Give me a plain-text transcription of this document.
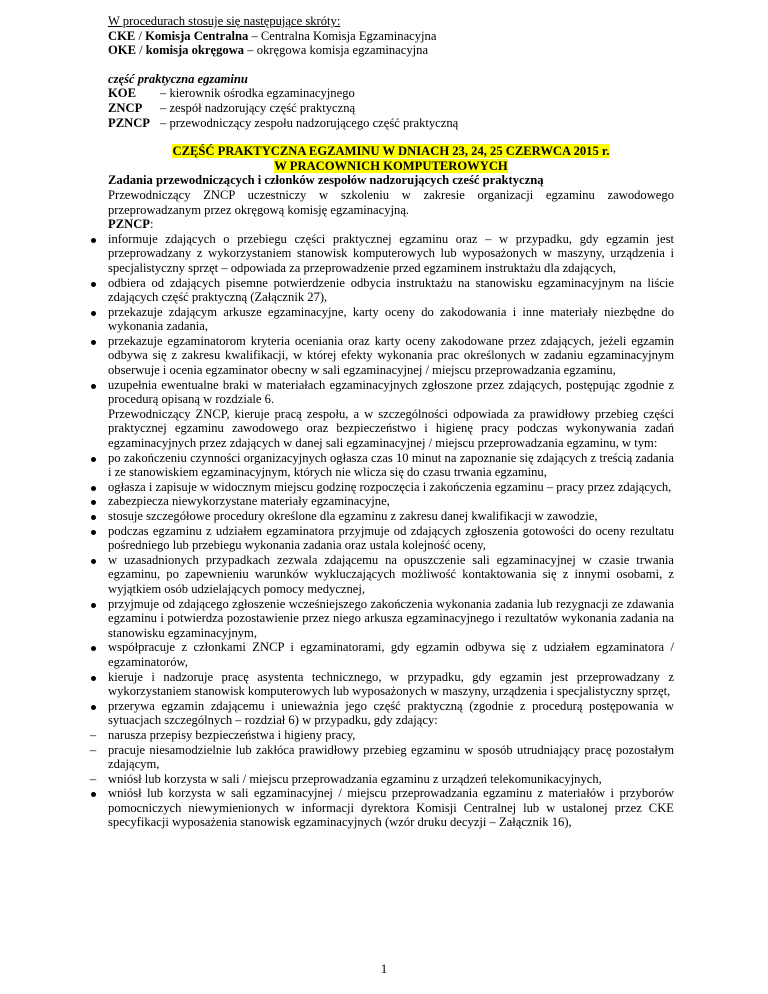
W procedurach stosuje się następujące skróty:
CKE / Komisja Centralna – Centralna Komisja Egzaminacyjna
OKE / komisja okręgowa – okręgowa komisja egzaminacyjna
część praktyczna egzaminu
KOE	– kierownik ośrodka egzaminacyjnego
ZNCP	– zespół nadzorujący część praktyczną
PZNCP – przewodniczący zespołu nadzorującego część praktyczną
CZĘŚĆ PRAKTYCZNA EGZAMINU W DNIACH 23, 24, 25 CZERWCA 2015 r.
W PRACOWNICH KOMPUTEROWYCH
Zadania przewodniczących i członków zespołów nadzorujących cześć praktyczną
Przewodniczący ZNCP uczestniczy w szkoleniu w zakresie organizacji egzaminu zawodowego przeprowadzanym przez okręgową komisję egzaminacyjną.
PZNCP:
informuje zdających o przebiegu części praktycznej egzaminu oraz – w przypadku, gdy egzamin jest przeprowadzany z wykorzystaniem stanowisk komputerowych lub wyposażonych w maszyny, urządzenia i specjalistyczny sprzęt – odpowiada za przeprowadzenie przed egzaminem instruktażu dla zdających,
odbiera od zdających pisemne potwierdzenie odbycia instruktażu na stanowisku egzaminacyjnym na liście zdających część praktyczną (Załącznik 27),
przekazuje zdającym arkusze egzaminacyjne, karty oceny do zakodowania i inne materiały niezbędne do wykonania zadania,
przekazuje egzaminatorom kryteria oceniania oraz karty oceny zakodowane przez zdających, jeżeli egzamin odbywa się z zakresu kwalifikacji, w której efekty wykonania prac określonych w zadaniu egzaminacyjnym obserwuje i ocenia egzaminator obecny w sali egzaminacyjnej / miejscu przeprowadzania egzaminu,
uzupełnia ewentualne braki w materiałach egzaminacyjnych zgłoszone przez zdających, postępując zgodnie z procedurą opisaną w rozdziale 6.
Przewodniczący ZNCP, kieruje pracą zespołu, a w szczególności odpowiada za prawidłowy przebieg części praktycznej egzaminu zawodowego oraz bezpieczeństwo i higienę pracy podczas wykonywania zadań egzaminacyjnych przez zdających w danej sali egzaminacyjnej / miejscu przeprowadzania egzaminu, w tym:
po zakończeniu czynności organizacyjnych ogłasza czas 10 minut na zapoznanie się zdających z treścią zadania i ze stanowiskiem egzaminacyjnym, których nie wlicza się do czasu trwania egzaminu,
ogłasza i zapisuje w widocznym miejscu godzinę rozpoczęcia i zakończenia egzaminu – pracy przez zdających,
zabezpiecza niewykorzystane materiały egzaminacyjne,
stosuje szczegółowe procedury określone dla egzaminu z zakresu danej kwalifikacji w zawodzie,
podczas egzaminu z udziałem egzaminatora przyjmuje od zdających zgłoszenia gotowości do oceny rezultatu pośredniego lub przebiegu wykonania zadania oraz ustala kolejność oceny,
w uzasadnionych przypadkach zezwala zdającemu na opuszczenie sali egzaminacyjnej w czasie trwania egzaminu, po zapewnieniu warunków wykluczających możliwość kontaktowania się z innymi osobami, z wyjątkiem osób udzielających pomocy medycznej,
przyjmuje od zdającego zgłoszenie wcześniejszego zakończenia wykonania zadania lub rezygnacji ze zdawania egzaminu i potwierdza pozostawienie przez niego arkusza egzaminacyjnego i rezultatów wykonania zadania na stanowisku egzaminacyjnym,
współpracuje z członkami ZNCP i egzaminatorami, gdy egzamin odbywa się z udziałem egzaminatora / egzaminatorów,
kieruje i nadzoruje pracę asystenta technicznego, w przypadku, gdy egzamin jest przeprowadzany z wykorzystaniem stanowisk komputerowych lub wyposażonych w maszyny, urządzenia i specjalistyczny sprzęt,
przerywa egzamin zdającemu i unieważnia jego część praktyczną (zgodnie z procedurą postępowania w sytuacjach szczególnych – rozdział 6) w przypadku, gdy zdający:
– narusza przepisy bezpieczeństwa i higieny pracy,
– pracuje niesamodzielnie lub zakłóca prawidłowy przebieg egzaminu w sposób utrudniający pracę pozostałym zdającym,
– wniósł lub korzysta w sali / miejscu przeprowadzania egzaminu z urządzeń telekomunikacyjnych,
wniósł lub korzysta w sali egzaminacyjnej / miejscu przeprowadzania egzaminu z materiałów i przyborów pomocniczych niewymienionych w informacji dyrektora Komisji Centralnej lub w ustalonej przez CKE specyfikacji wyposażenia stanowisk egzaminacyjnych (wzór druku decyzji – Załącznik 16),
1
